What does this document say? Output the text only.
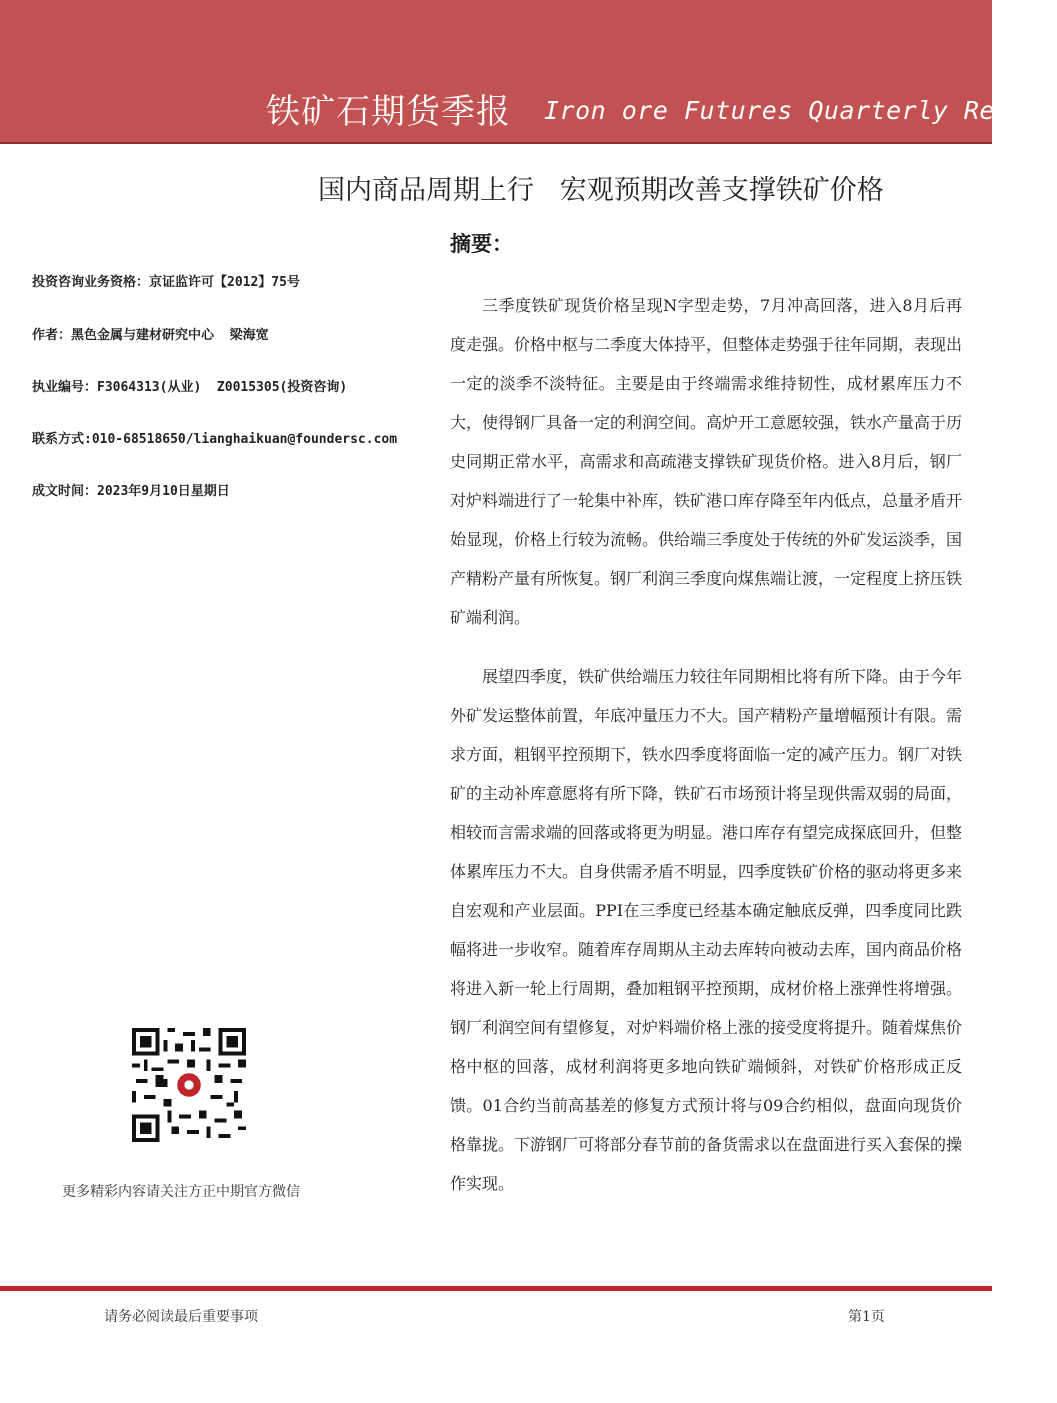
铁矿石期货季报 Iron ore Futures Quarterly Report
国内商品周期上行   宏观预期改善支撑铁矿价格
摘要：
投资咨询业务资格：京证监许可【2012】75号
作者：黑色金属与建材研究中心  梁海宽
执业编号：F3064313(从业)  Z0015305(投资咨询)
联系方式:010-68518650/lianghaikuan@foundersc.com
成文时间：2023年9月10日星期日

三季度铁矿现货价格呈现N字型走势，7月冲高回落，进入8月后再度走强。价格中枢与二季度大体持平，但整体走势强于往年同期，表现出一定的淡季不淡特征。主要是由于终端需求维持韧性，成材累库压力不大，使得钢厂具备一定的利润空间。高炉开工意愿较强，铁水产量高于历史同期正常水平，高需求和高疏港支撑铁矿现货价格。进入8月后，钢厂对炉料端进行了一轮集中补库，铁矿港口库存降至年内低点，总量矛盾开始显现，价格上行较为流畅。供给端三季度处于传统的外矿发运淡季，国产精粉产量有所恢复。钢厂利润三季度向煤焦端让渡，一定程度上挤压铁矿端利润。

展望四季度，铁矿供给端压力较往年同期相比将有所下降。由于今年外矿发运整体前置，年底冲量压力不大。国产精粉产量增幅预计有限。需求方面，粗钢平控预期下，铁水四季度将面临一定的减产压力。钢厂对铁矿的主动补库意愿将有所下降，铁矿石市场预计将呈现供需双弱的局面，相较而言需求端的回落或将更为明显。港口库存有望完成探底回升，但整体累库压力不大。自身供需矛盾不明显，四季度铁矿价格的驱动将更多来自宏观和产业层面。PPI在三季度已经基本确定触底反弹，四季度同比跌幅将进一步收窄。随着库存周期从主动去库转向被动去库，国内商品价格将进入新一轮上行周期，叠加粗钢平控预期，成材价格上涨弹性将增强。钢厂利润空间有望修复，对炉料端价格上涨的接受度将提升。随着煤焦价格中枢的回落，成材利润将更多地向铁矿端倾斜，对铁矿价格形成正反馈。01合约当前高基差的修复方式预计将与09合约相似，盘面向现货价格靠拢。下游钢厂可将部分春节前的备货需求以在盘面进行买入套保的操作实现。

更多精彩内容请关注方正中期官方微信
请务必阅读最后重要事项	第1页
